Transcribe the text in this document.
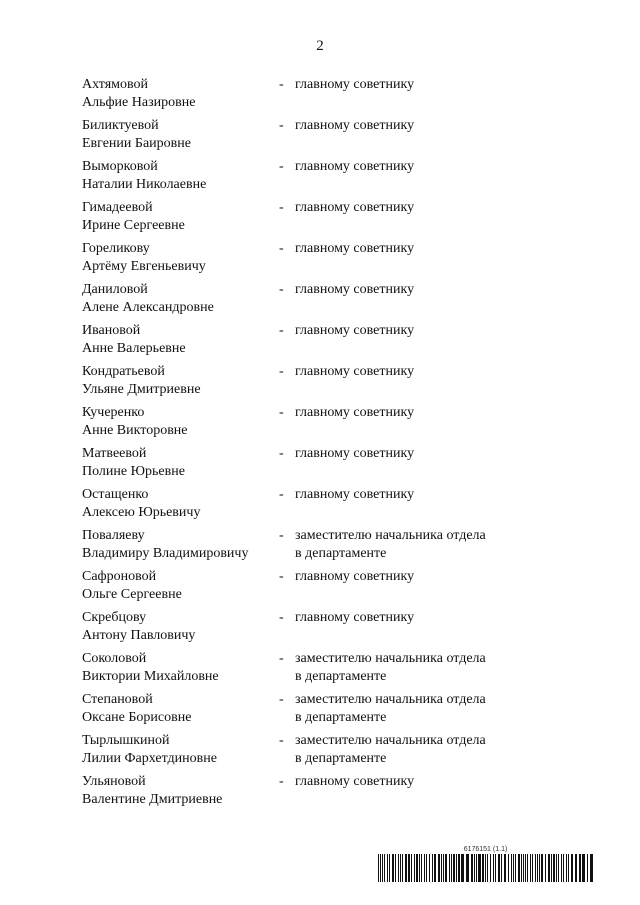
2
Ахтямовой
Альфие Назировне
- главному советнику
Биликтуевой
Евгении Баировне
- главному советнику
Выморковой
Наталии Николаевне
- главному советнику
Гимадеевой
Ирине Сергеевне
- главному советнику
Гореликову
Артёму Евгеньевичу
- главному советнику
Даниловой
Алене Александровне
- главному советнику
Ивановой
Анне Валерьевне
- главному советнику
Кондратьевой
Ульяне Дмитриевне
- главному советнику
Кучеренко
Анне Викторовне
- главному советнику
Матвеевой
Полине Юрьевне
- главному советнику
Остащенко
Алексею Юрьевичу
- главному советнику
Поваляеву
Владимиру Владимировичу
- заместителю начальника отдела
в департаменте
Сафроновой
Ольге Сергеевне
- главному советнику
Скребцову
Антону Павловичу
- главному советнику
Соколовой
Виктории Михайловне
- заместителю начальника отдела
в департаменте
Степановой
Оксане Борисовне
- заместителю начальника отдела
в департаменте
Тырлышкиной
Лилии Фархетдиновне
- заместителю начальника отдела
в департаменте
Ульяновой
Валентине Дмитриевне
- главному советнику
6176151 (1.1)
